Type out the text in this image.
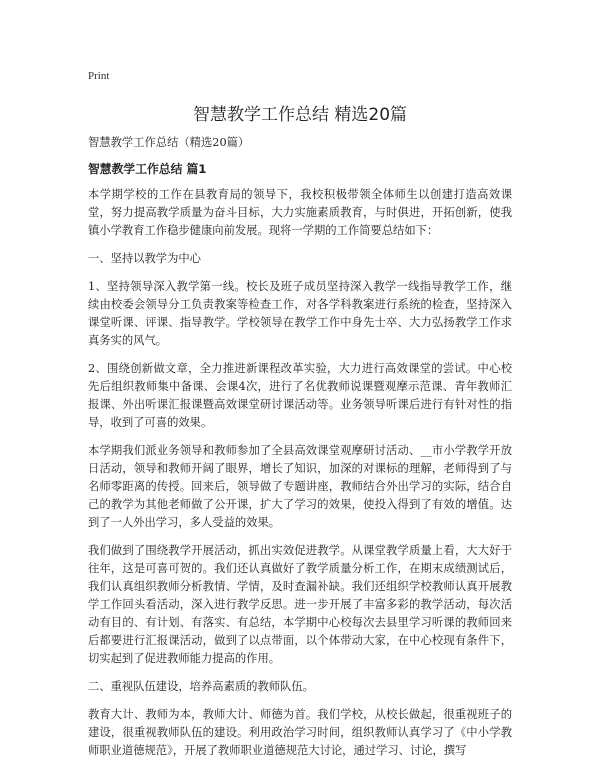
Print
智慧教学工作总结 精选20篇

智慧教学工作总结（精选20篇）

智慧教学工作总结 篇1

本学期学校的工作在县教育局的领导下，我校积极带领全体师生以创建打造高效课堂，努力提高教学质量为奋斗目标，大力实施素质教育，与时俱进，开拓创新，使我镇小学教育工作稳步健康向前发展。现将一学期的工作简要总结如下：

一、坚持以教学为中心

1、坚持领导深入教学第一线。校长及班子成员坚持深入教学一线指导教学工作，继续由校委会领导分工负责教案等检查工作，对各学科教案进行系统的检查，坚持深入课堂听课、评课、指导教学。学校领导在教学工作中身先士卒、大力弘扬教学工作求真务实的风气。

2、围绕创新做文章，全力推进新课程改革实验，大力进行高效课堂的尝试。中心校先后组织教师集中备课、会课4次，进行了名优教师说课暨观摩示范课、青年教师汇报课、外出听课汇报课暨高效课堂研讨课活动等。业务领导听课后进行有针对性的指导，收到了可喜的效果。

本学期我们派业务领导和教师参加了全县高效课堂观摩研讨活动、__市小学教学开放日活动，领导和教师开阔了眼界，增长了知识，加深的对课标的理解，老师得到了与名师零距离的传授。回来后，领导做了专题讲座，教师结合外出学习的实际，结合自己的教学为其他老师做了公开课，扩大了学习的效果，使投入得到了有效的增值。达到了一人外出学习，多人受益的效果。

我们做到了围绕教学开展活动，抓出实效促进教学。从课堂教学质量上看，大大好于往年，这是可喜可贺的。我们还认真做好了教学质量分析工作，在期末成绩测试后，我们认真组织教师分析教情、学情，及时查漏补缺。我们还组织学校教师认真开展教学工作回头看活动，深入进行教学反思。进一步开展了丰富多彩的教学活动，每次活动有目的、有计划、有落实、有总结，本学期中心校每次去县里学习听课的教师回来后都要进行汇报课活动，做到了以点带面，以个体带动大家，在中心校现有条件下，切实起到了促进教师能力提高的作用。

二、重视队伍建设，培养高素质的教师队伍。

教育大计、教师为本，教师大计、师德为首。我们学校，从校长做起，很重视班子的建设，很重视教师队伍的建设。利用政治学习时间，组织教师认真学习了《中小学教师职业道德规范》，开展了教师职业道德规范大讨论，通过学习、讨论，撰写
